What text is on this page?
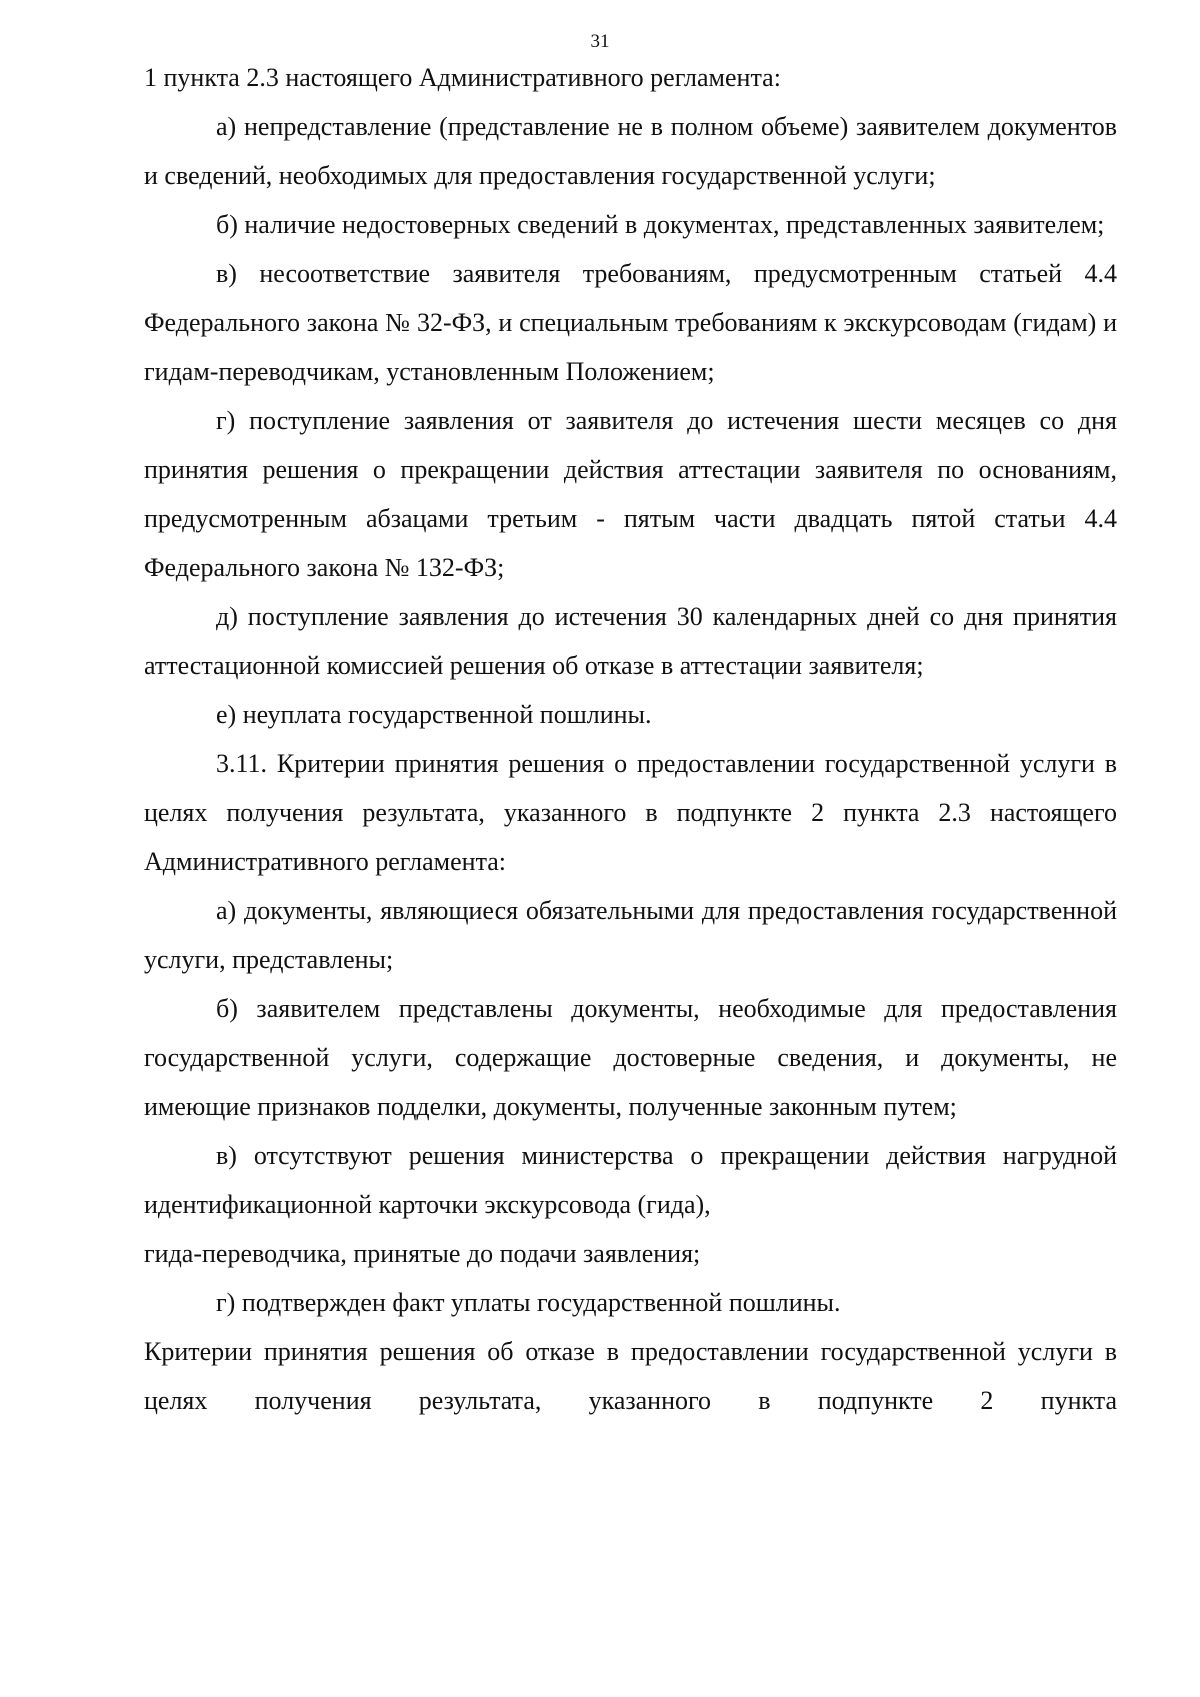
31

1 пункта 2.3 настоящего Административного регламента:

а) непредставление (представление не в полном объеме) заявителем документов и сведений, необходимых для предоставления государственной услуги;

б) наличие недостоверных сведений в документах, представленных заявителем;

в) несоответствие заявителя требованиям, предусмотренным статьей 4.4 Федерального закона № 32-ФЗ, и специальным требованиям к экскурсоводам (гидам) и гидам-переводчикам, установленным Положением;

г) поступление заявления от заявителя до истечения шести месяцев со дня принятия решения о прекращении действия аттестации заявителя по основаниям, предусмотренным абзацами третьим - пятым части двадцать пятой статьи 4.4 Федерального закона № 132-ФЗ;

д) поступление заявления до истечения 30 календарных дней со дня принятия аттестационной комиссией решения об отказе в аттестации заявителя;

е) неуплата государственной пошлины.

3.11. Критерии принятия решения о предоставлении государственной услуги в целях получения результата, указанного в подпункте 2 пункта 2.3 настоящего Административного регламента:

а) документы, являющиеся обязательными для предоставления государственной услуги, представлены;

б) заявителем представлены документы, необходимые для предоставления государственной услуги, содержащие достоверные сведения, и документы, не имеющие признаков подделки, документы, полученные законным путем;

в) отсутствуют решения министерства о прекращении действия нагрудной идентификационной карточки экскурсовода (гида),

гида-переводчика, принятые до подачи заявления;

г) подтвержден факт уплаты государственной пошлины.

Критерии принятия решения об отказе в предоставлении государственной услуги в целях получения результата, указанного в подпункте 2 пункта
